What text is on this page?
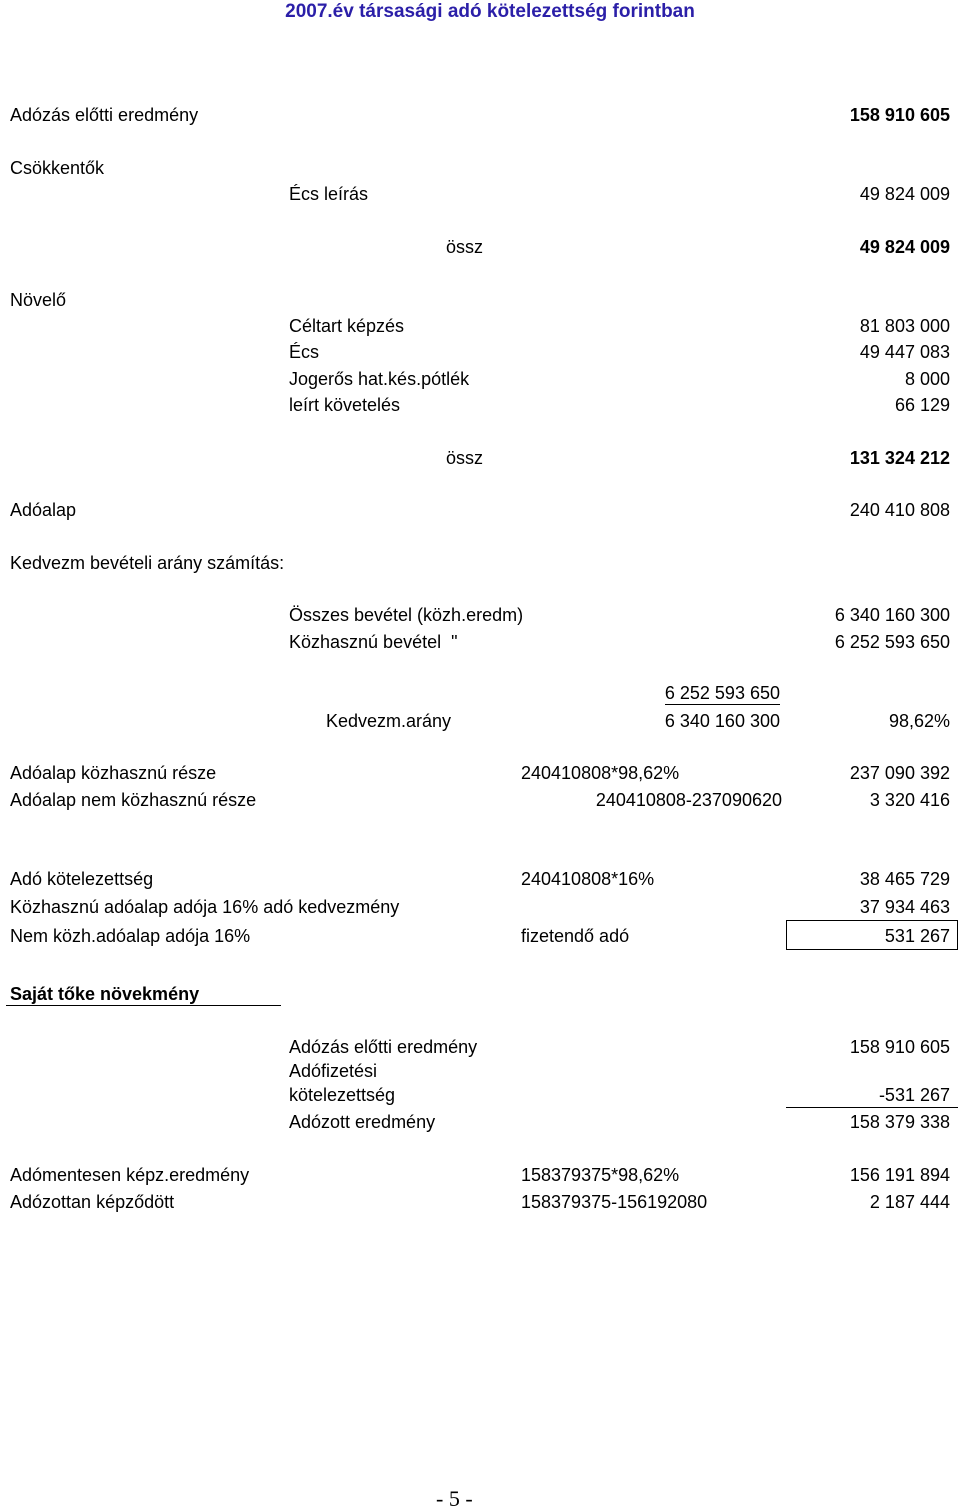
2007.év társasági adó kötelezettség forintban
Adózás előtti eredmény	158 910 605
Csökkentők
Écs leírás	49 824 009
össz	49 824 009
Növelő
Céltart képzés	81 803 000
Écs	49 447 083
Jogerős hat.kés.pótlék	8 000
leírt követelés	66 129
össz	131 324 212
Adóalap	240 410 808
Kedvezm bevételi arány számítás:
Összes bevétel (közh.eredm)	6 340 160 300
Közhasznú bevétel  "	6 252 593 650
6 252 593 650
Kedvezm.arány	6 340 160 300	98,62%
Adóalap közhasznú része	240410808*98,62%	237 090 392
Adóalap nem közhasznú része	240410808-237090620	3 320 416
Adó kötelezettség	240410808*16%	38 465 729
Közhasznú adóalap adója 16% adó kedvezmény	37 934 463
Nem közh.adóalap adója 16%	fizetendő adó	531 267
Saját tőke növekmény
Adózás előtti eredmény	158 910 605
Adófizetési
kötelezettség	-531 267
Adózott eredmény	158 379 338
Adómentesen képz.eredmény	158379375*98,62%	156 191 894
Adózottan képződött	158379375-156192080	2 187 444
- 5 -
